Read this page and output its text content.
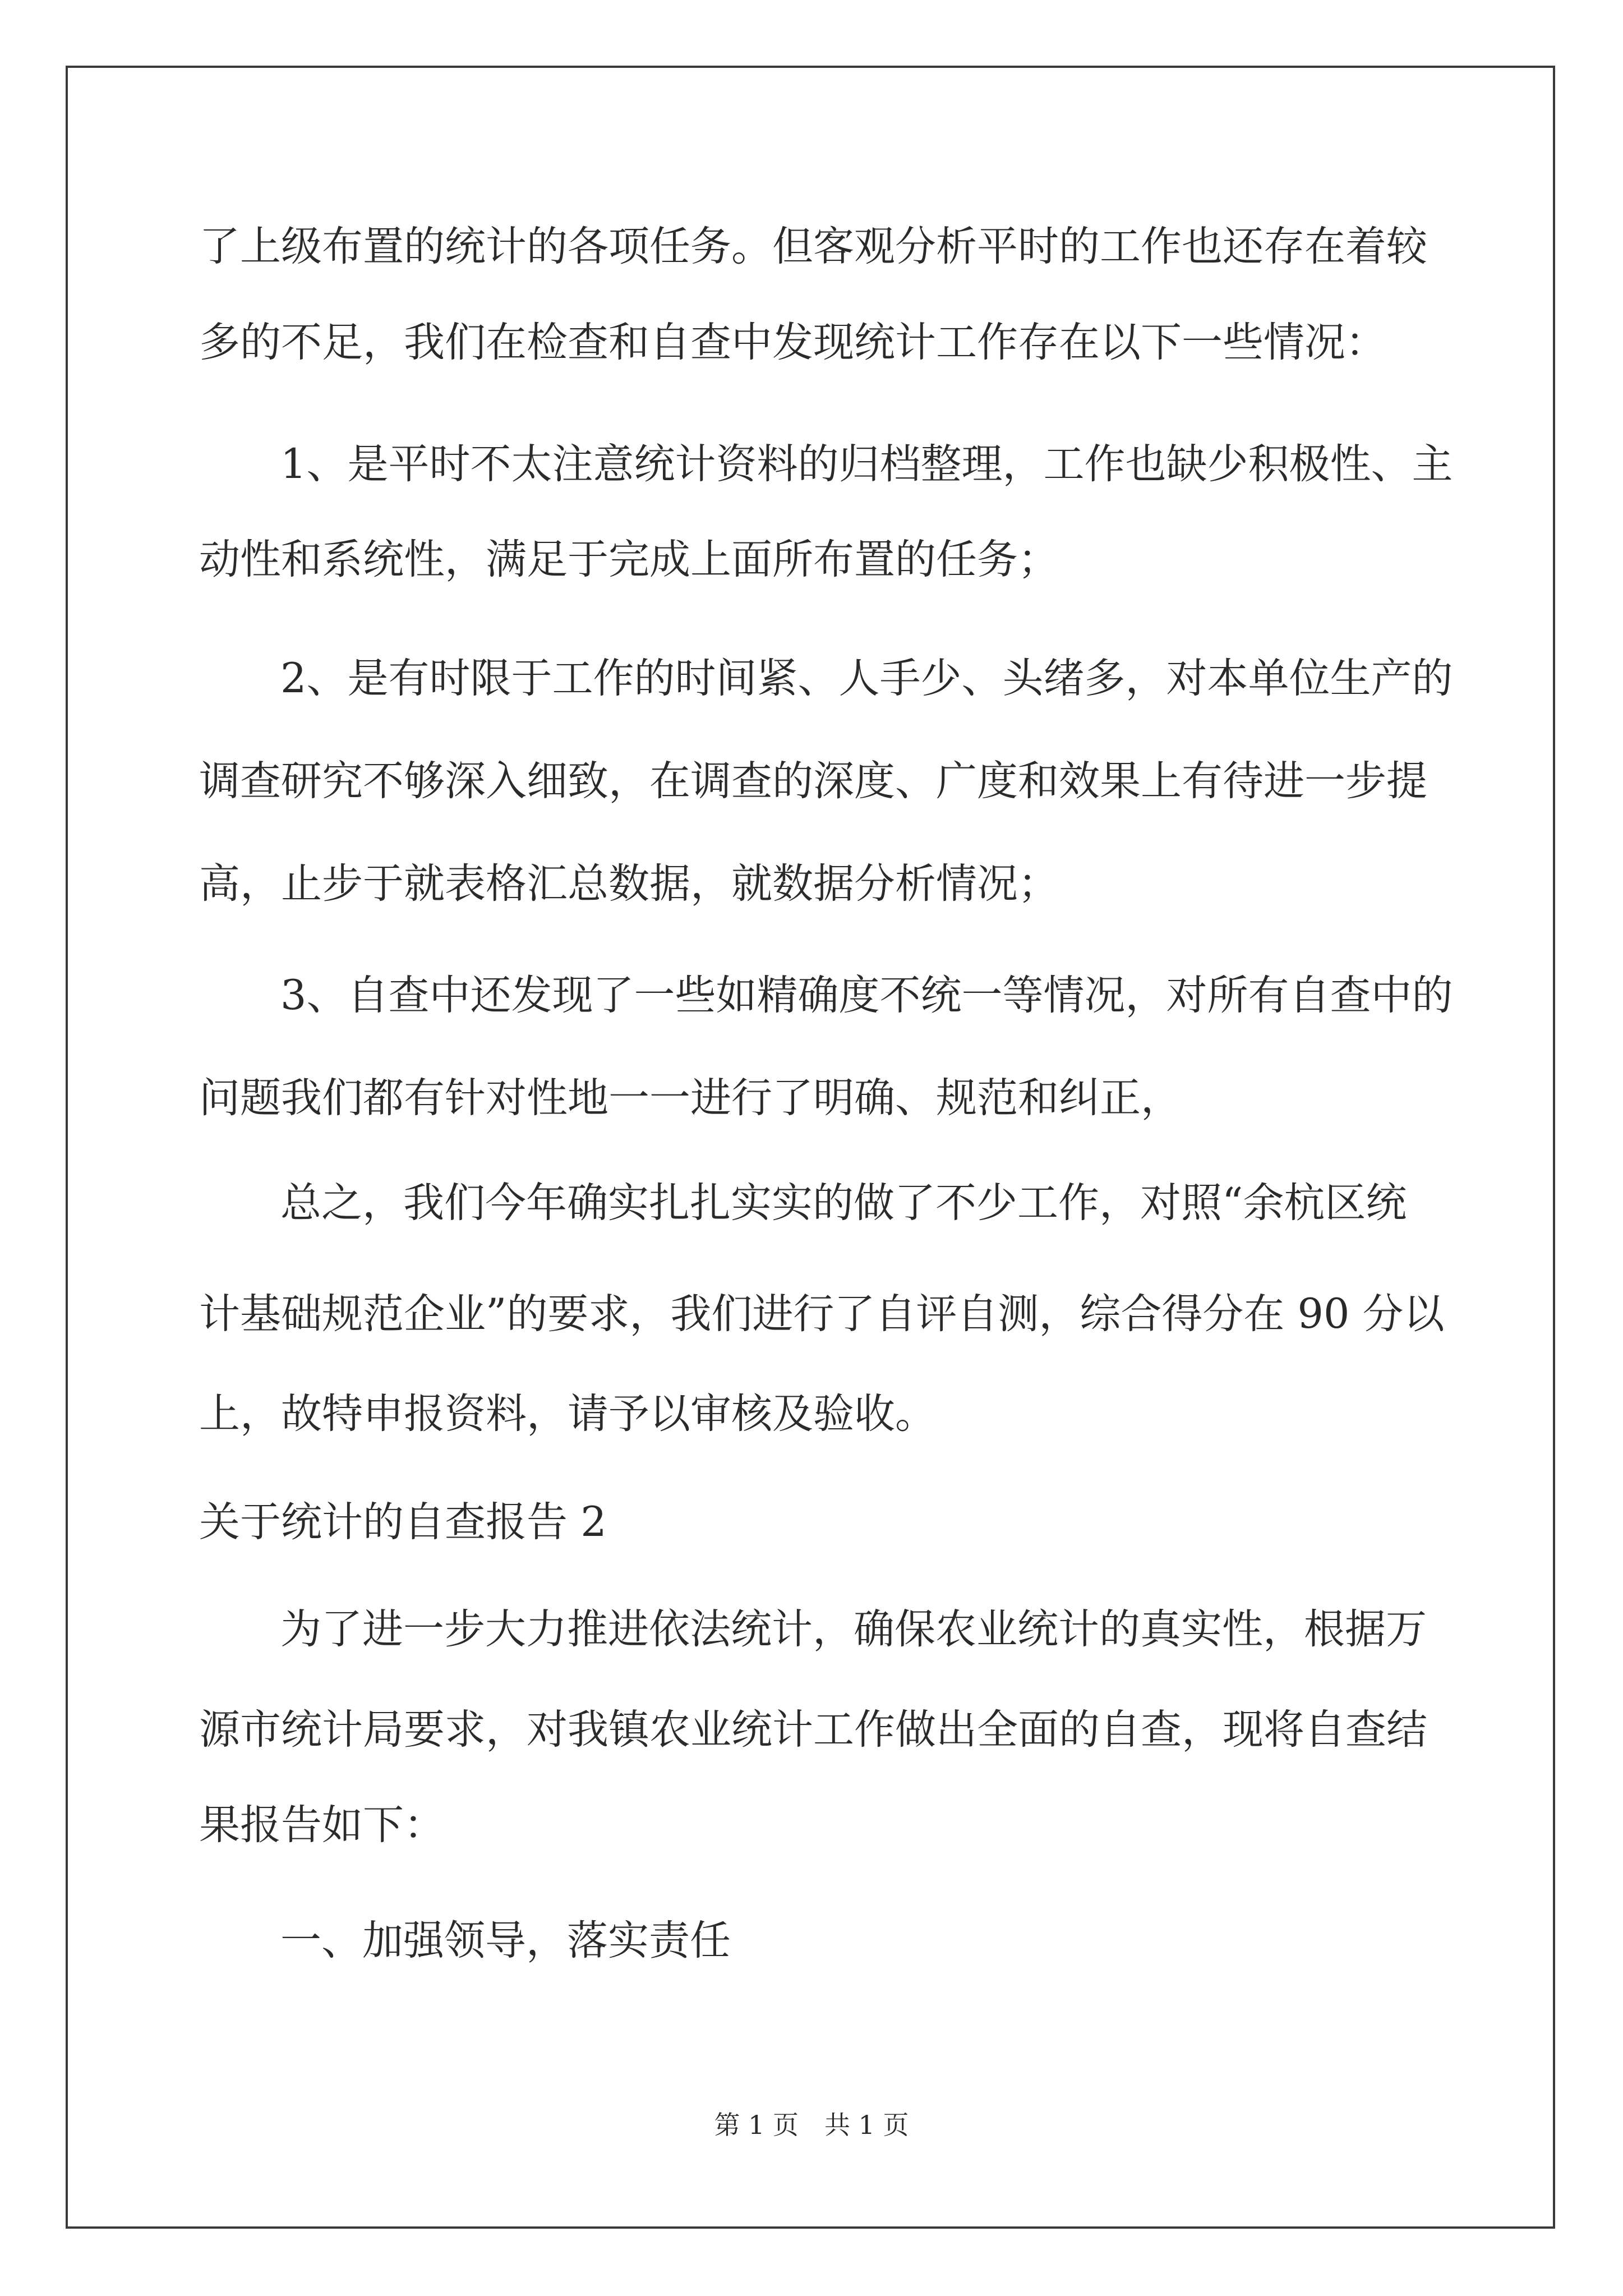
了上级布置的统计的各项任务。但客观分析平时的工作也还存在着较

多的不足，我们在检查和自查中发现统计工作存在以下一些情况：

1、是平时不太注意统计资料的归档整理，工作也缺少积极性、主

动性和系统性，满足于完成上面所布置的任务；

2、是有时限于工作的时间紧、人手少、头绪多，对本单位生产的

调查研究不够深入细致，在调查的深度、广度和效果上有待进一步提

高，止步于就表格汇总数据，就数据分析情况；

3、自查中还发现了一些如精确度不统一等情况，对所有自查中的

问题我们都有针对性地一一进行了明确、规范和纠正，

总之，我们今年确实扎扎实实的做了不少工作，对照“余杭区统

计基础规范企业”的要求，我们进行了自评自测，综合得分在 90 分以

上，故特申报资料，请予以审核及验收。

关于统计的自查报告 2

为了进一步大力推进依法统计，确保农业统计的真实性，根据万

源市统计局要求，对我镇农业统计工作做出全面的自查，现将自查结

果报告如下：

一、加强领导，落实责任

第 1 页　共 1 页
